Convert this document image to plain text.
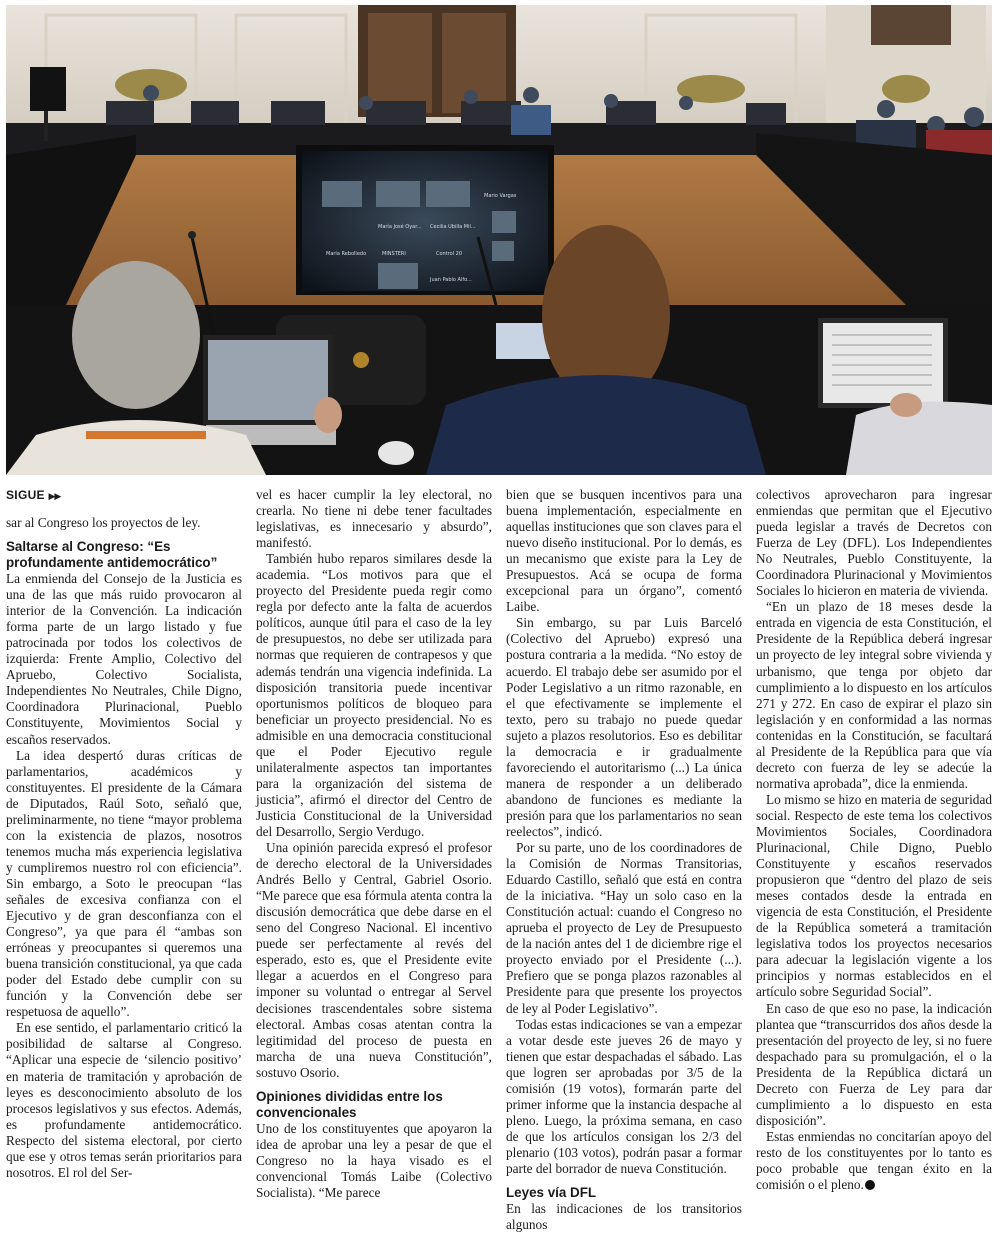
Mario Vargas
María José Oyar... Cecilia Ubilla Mil...
María Rebolledo	MINSTERI	Control 20
Juan Pablo Alfo...
SIGUE ▶▶

sar al Congreso los proyectos de ley.

Saltarse al Congreso: “Es profundamente antidemocrático”

La enmienda del Consejo de la Justicia es una de las que más ruido provocaron al interior de la Convención. La indicación forma parte de un largo listado y fue patrocinada por todos los colectivos de izquierda: Frente Amplio, Colectivo del Apruebo, Colectivo Socialista, Independientes No Neutrales, Chile Digno, Coordinadora Plurinacional, Pueblo Constituyente, Movimientos Social y escaños reservados.

La idea despertó duras críticas de parlamentarios, académicos y constituyentes. El presidente de la Cámara de Diputados, Raúl Soto, señaló que, preliminarmente, no tiene “mayor problema con la existencia de plazos, nosotros tenemos mucha más experiencia legislativa y cumpliremos nuestro rol con eficiencia”. Sin embargo, a Soto le preocupan “las señales de excesiva confianza con el Ejecutivo y de gran desconfianza con el Congreso”, ya que para él “ambas son erróneas y preocupantes si queremos una buena transición constitucional, ya que cada poder del Estado debe cumplir con su función y la Convención debe ser respetuosa de aquello”.

En ese sentido, el parlamentario criticó la posibilidad de saltarse al Congreso. “Aplicar una especie de ‘silencio positivo’ en materia de tramitación y aprobación de leyes es desconocimiento absoluto de los procesos legislativos y sus efectos. Además, es profundamente antidemocrático. Respecto del sistema electoral, por cierto que ese y otros temas serán prioritarios para nosotros. El rol del Ser-

vel es hacer cumplir la ley electoral, no crearla. No tiene ni debe tener facultades legislativas, es innecesario y absurdo”, manifestó.

También hubo reparos similares desde la academia. “Los motivos para que el proyecto del Presidente pueda regir como regla por defecto ante la falta de acuerdos políticos, aunque útil para el caso de la ley de presupuestos, no debe ser utilizada para normas que requieren de contrapesos y que además tendrán una vigencia indefinida. La disposición transitoria puede incentivar oportunismos políticos de bloqueo para beneficiar un proyecto presidencial. No es admisible en una democracia constitucional que el Poder Ejecutivo regule unilateralmente aspectos tan importantes para la organización del sistema de justicia”, afirmó el director del Centro de Justicia Constitucional de la Universidad del Desarrollo, Sergio Verdugo.

Una opinión parecida expresó el profesor de derecho electoral de la Universidades Andrés Bello y Central, Gabriel Osorio. “Me parece que esa fórmula atenta contra la discusión democrática que debe darse en el seno del Congreso Nacional. El incentivo puede ser perfectamente al revés del esperado, esto es, que el Presidente evite llegar a acuerdos en el Congreso para imponer su voluntad o entregar al Servel decisiones trascendentales sobre sistema electoral. Ambas cosas atentan contra la legitimidad del proceso de puesta en marcha de una nueva Constitución”, sostuvo Osorio.

Opiniones divididas entre los convencionales

Uno de los constituyentes que apoyaron la idea de aprobar una ley a pesar de que el Congreso no la haya visado es el convencional Tomás Laibe (Colectivo Socialista). “Me parece

bien que se busquen incentivos para una buena implementación, especialmente en aquellas instituciones que son claves para el nuevo diseño institucional. Por lo demás, es un mecanismo que existe para la Ley de Presupuestos. Acá se ocupa de forma excepcional para un órgano”, comentó Laibe.

Sin embargo, su par Luis Barceló (Colectivo del Apruebo) expresó una postura contraria a la medida. “No estoy de acuerdo. El trabajo debe ser asumido por el Poder Legislativo a un ritmo razonable, en el que efectivamente se implemente el texto, pero su trabajo no puede quedar sujeto a plazos resolutorios. Eso es debilitar la democracia e ir gradualmente favoreciendo el autoritarismo (...) La única manera de responder a un deliberado abandono de funciones es mediante la presión para que los parlamentarios no sean reelectos”, indicó.

Por su parte, uno de los coordinadores de la Comisión de Normas Transitorias, Eduardo Castillo, señaló que está en contra de la iniciativa. “Hay un solo caso en la Constitución actual: cuando el Congreso no aprueba el proyecto de Ley de Presupuesto de la nación antes del 1 de diciembre rige el proyecto enviado por el Presidente (...). Prefiero que se ponga plazos razonables al Presidente para que presente los proyectos de ley al Poder Legislativo”.

Todas estas indicaciones se van a empezar a votar desde este jueves 26 de mayo y tienen que estar despachadas el sábado. Las que logren ser aprobadas por 3/5 de la comisión (19 votos), formarán parte del primer informe que la instancia despache al pleno. Luego, la próxima semana, en caso de que los artículos consigan los 2/3 del plenario (103 votos), podrán pasar a formar parte del borrador de nueva Constitución.

Leyes vía DFL

En las indicaciones de los transitorios algunos

colectivos aprovecharon para ingresar enmiendas que permitan que el Ejecutivo pueda legislar a través de Decretos con Fuerza de Ley (DFL). Los Independientes No Neutrales, Pueblo Constituyente, la Coordinadora Plurinacional y Movimientos Sociales lo hicieron en materia de vivienda.

“En un plazo de 18 meses desde la entrada en vigencia de esta Constitución, el Presidente de la República deberá ingresar un proyecto de ley integral sobre vivienda y urbanismo, que tenga por objeto dar cumplimiento a lo dispuesto en los artículos 271 y 272. En caso de expirar el plazo sin legislación y en conformidad a las normas contenidas en la Constitución, se facultará al Presidente de la República para que vía decreto con fuerza de ley se adecúe la normativa aprobada”, dice la enmienda.

Lo mismo se hizo en materia de seguridad social. Respecto de este tema los colectivos Movimientos Sociales, Coordinadora Plurinacional, Chile Digno, Pueblo Constituyente y escaños reservados propusieron que “dentro del plazo de seis meses contados desde la entrada en vigencia de esta Constitución, el Presidente de la República someterá a tramitación legislativa todos los proyectos necesarios para adecuar la legislación vigente a los principios y normas establecidos en el artículo sobre Seguridad Social”.

En caso de que eso no pase, la indicación plantea que “transcurridos dos años desde la presentación del proyecto de ley, si no fuere despachado para su promulgación, el o la Presidenta de la República dictará un Decreto con Fuerza de Ley para dar cumplimiento a lo dispuesto en esta disposición”.

Estas enmiendas no concitarían apoyo del resto de los constituyentes por lo tanto es poco probable que tengan éxito en la comisión o el pleno.
